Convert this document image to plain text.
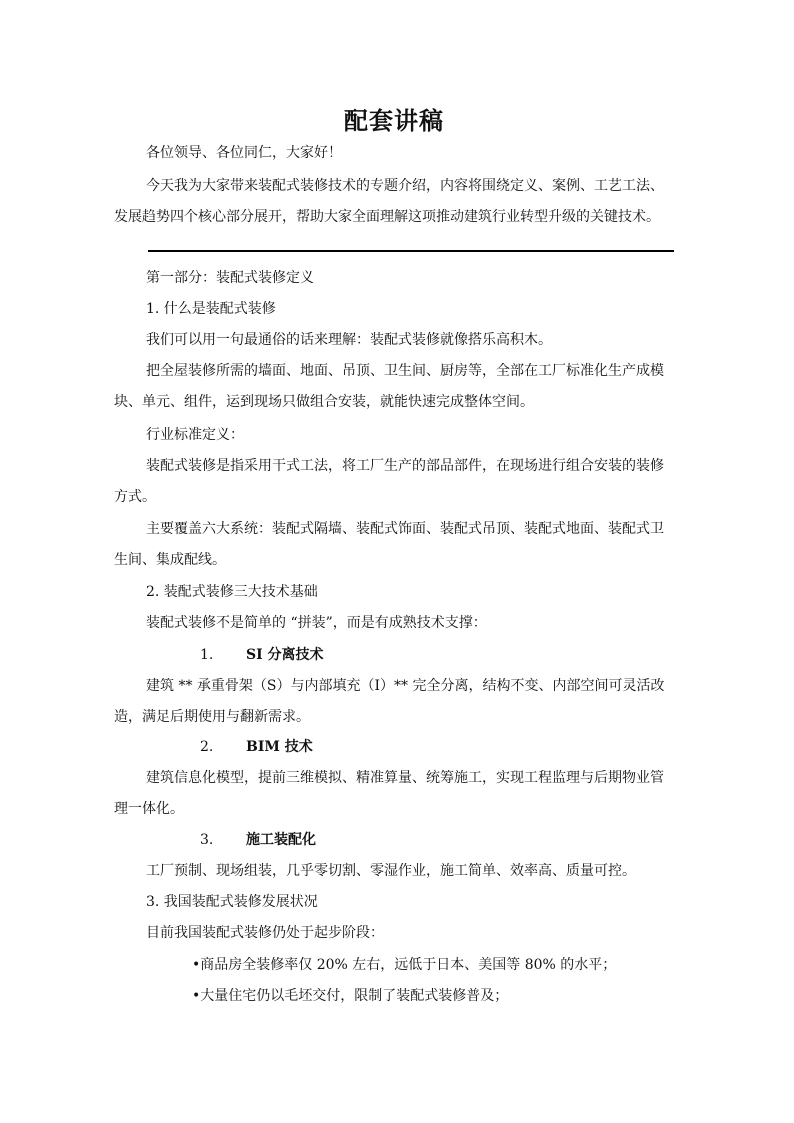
配套讲稿

各位领导、各位同仁，大家好！

今天我为大家带来装配式装修技术的专题介绍，内容将围绕定义、案例、工艺工法、发展趋势四个核心部分展开，帮助大家全面理解这项推动建筑行业转型升级的关键技术。

第一部分：装配式装修定义

1. 什么是装配式装修

我们可以用一句最通俗的话来理解：装配式装修就像搭乐高积木。

把全屋装修所需的墙面、地面、吊顶、卫生间、厨房等，全部在工厂标准化生产成模块、单元、组件，运到现场只做组合安装，就能快速完成整体空间。

行业标准定义：

装配式装修是指采用干式工法，将工厂生产的部品部件，在现场进行组合安装的装修方式。

主要覆盖六大系统：装配式隔墙、装配式饰面、装配式吊顶、装配式地面、装配式卫生间、集成配线。

2. 装配式装修三大技术基础

装配式装修不是简单的 “拼装”，而是有成熟技术支撑：

1. SI 分离技术

建筑 ** 承重骨架（S）与内部填充（I）** 完全分离，结构不变、内部空间可灵活改造，满足后期使用与翻新需求。

2. BIM 技术

建筑信息化模型，提前三维模拟、精准算量、统筹施工，实现工程监理与后期物业管理一体化。

3. 施工装配化

工厂预制、现场组装，几乎零切割、零湿作业，施工简单、效率高、质量可控。

3. 我国装配式装修发展状况

目前我国装配式装修仍处于起步阶段：

•商品房全装修率仅 20% 左右，远低于日本、美国等 80% 的水平；
•大量住宅仍以毛坯交付，限制了装配式装修普及；
